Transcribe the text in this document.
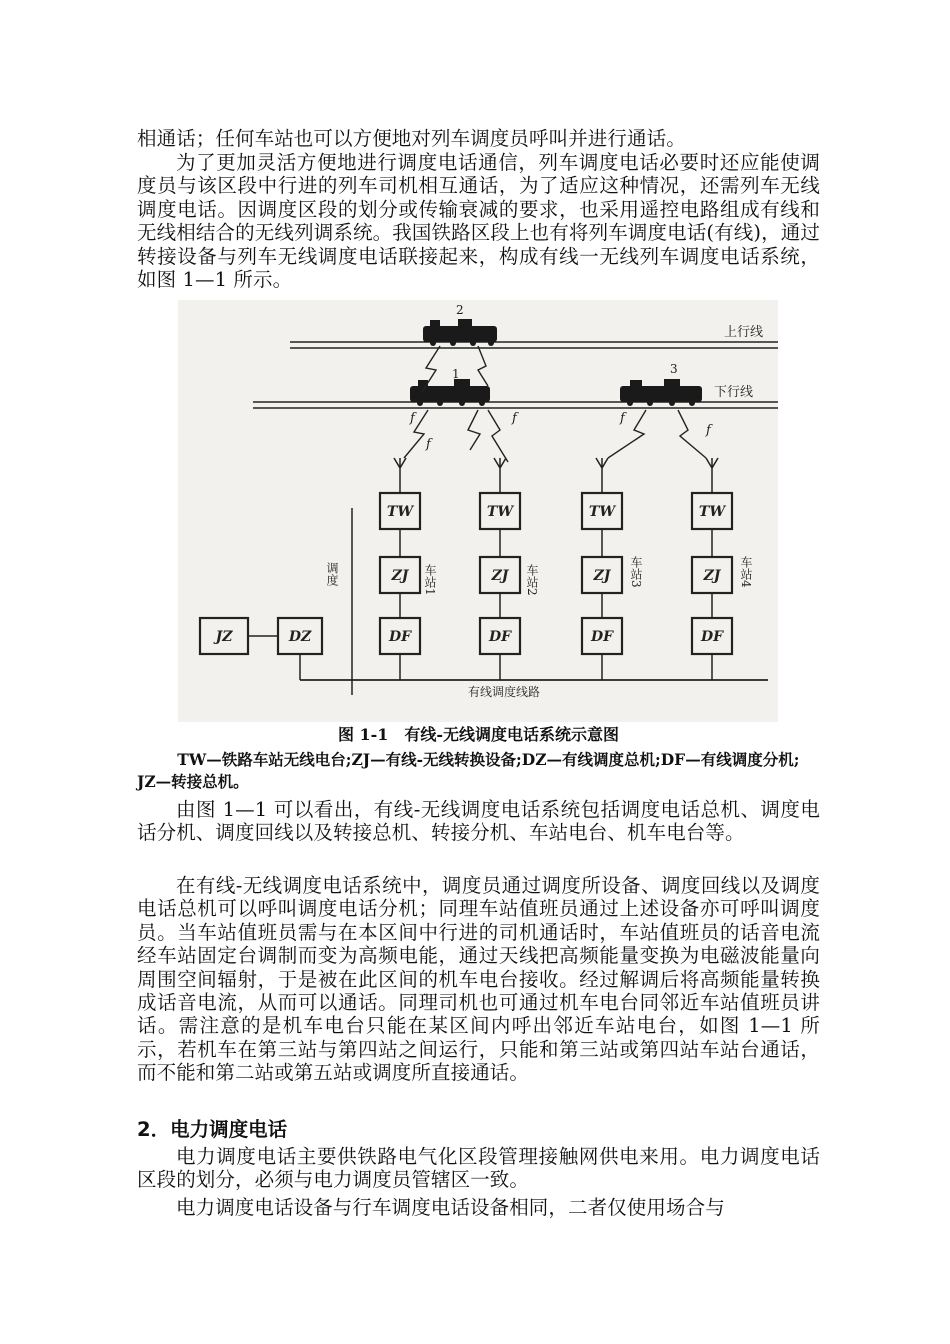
相通话；任何车站也可以方便地对列车调度员呼叫并进行通话。

为了更加灵活方便地进行调度电话通信，列车调度电话必要时还应能使调度员与该区段中行进的列车司机相互通话，为了适应这种情况，还需列车无线调度电话。因调度区段的划分或传输衰减的要求，也采用遥控电路组成有线和无线相结合的无线列调系统。我国铁路区段上也有将列车调度电话(有线)，通过转接设备与列车无线调度电话联接起来，构成有线一无线列车调度电话系统，如图 1—1 所示。

上行线
下行线
2
1	3
f
f
f	f
f
TW
ZJ
DF
TW
ZJ
DF
TW
ZJ
DF
TW
ZJ
DF
车站1	车站2	车站3	车站4
调度
JZ	DZ
有线调度线路

图 1-1　有线-无线调度电话系统示意图

TW—铁路车站无线电台;ZJ—有线-无线转换设备;DZ—有线调度总机;DF—有线调度分机; JZ—转接总机。

由图 1—1 可以看出，有线-无线调度电话系统包括调度电话总机、调度电话分机、调度回线以及转接总机、转接分机、车站电台、机车电台等。

在有线-无线调度电话系统中，调度员通过调度所设备、调度回线以及调度电话总机可以呼叫调度电话分机；同理车站值班员通过上述设备亦可呼叫调度员。当车站值班员需与在本区间中行进的司机通话时，车站值班员的话音电流经车站固定台调制而变为高频电能，通过天线把高频能量变换为电磁波能量向周围空间辐射，于是被在此区间的机车电台接收。经过解调后将高频能量转换成话音电流，从而可以通话。同理司机也可通过机车电台同邻近车站值班员讲话。需注意的是机车电台只能在某区间内呼出邻近车站电台，如图 1—1 所示，若机车在第三站与第四站之间运行，只能和第三站或第四站车站台通话，而不能和第二站或第五站或调度所直接通话。

2．电力调度电话

电力调度电话主要供铁路电气化区段管理接触网供电来用。电力调度电话区段的划分，必须与电力调度员管辖区一致。

电力调度电话设备与行车调度电话设备相同，二者仅使用场合与
